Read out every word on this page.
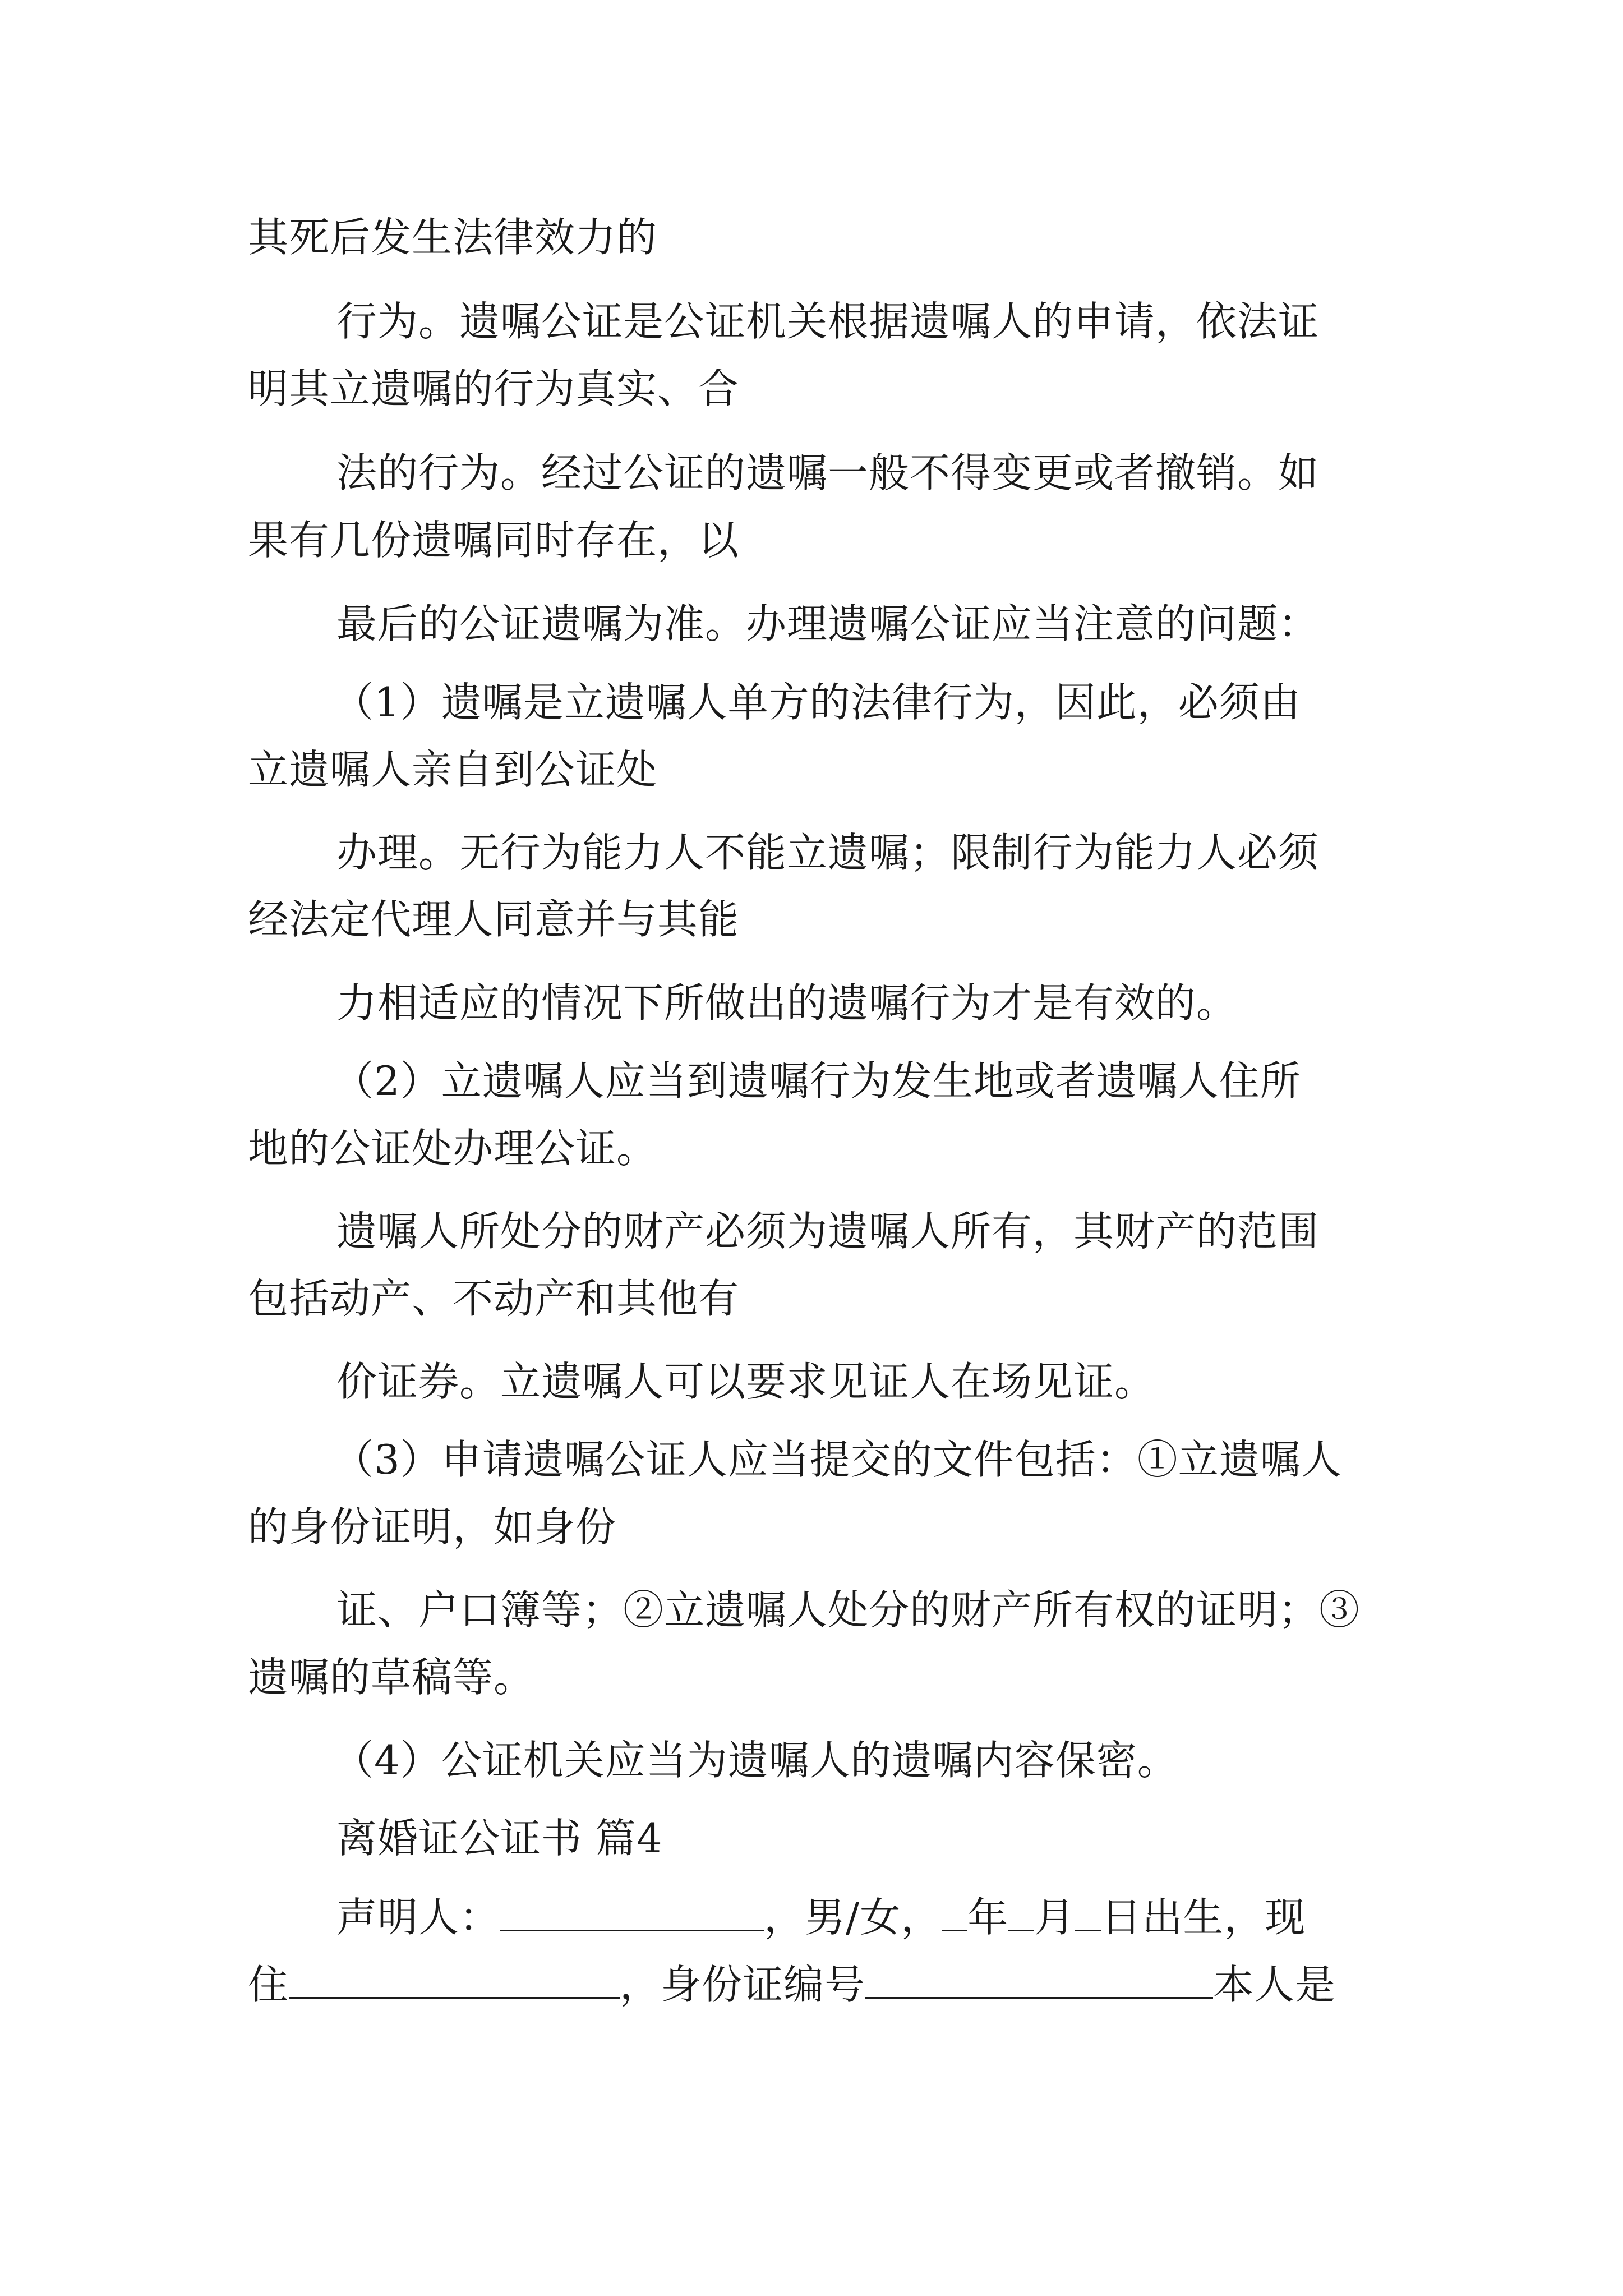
其死后发生法律效力的
行为。遗嘱公证是公证机关根据遗嘱人的申请，依法证
明其立遗嘱的行为真实、合
法的行为。经过公证的遗嘱一般不得变更或者撤销。如
果有几份遗嘱同时存在，以
最后的公证遗嘱为准。办理遗嘱公证应当注意的问题：
（1）遗嘱是立遗嘱人单方的法律行为，因此，必须由
立遗嘱人亲自到公证处
办理。无行为能力人不能立遗嘱；限制行为能力人必须
经法定代理人同意并与其能
力相适应的情况下所做出的遗嘱行为才是有效的。
（2）立遗嘱人应当到遗嘱行为发生地或者遗嘱人住所
地的公证处办理公证。
遗嘱人所处分的财产必须为遗嘱人所有，其财产的范围
包括动产、不动产和其他有
价证券。立遗嘱人可以要求见证人在场见证。
（3）申请遗嘱公证人应当提交的文件包括：①立遗嘱人
的身份证明，如身份
证、户口簿等；②立遗嘱人处分的财产所有权的证明；③
遗嘱的草稿等。
（4）公证机关应当为遗嘱人的遗嘱内容保密。
离婚证公证书 篇4
声明人：	，男/女， 年 月 日出生，现
住	，身份证编号	本人是
